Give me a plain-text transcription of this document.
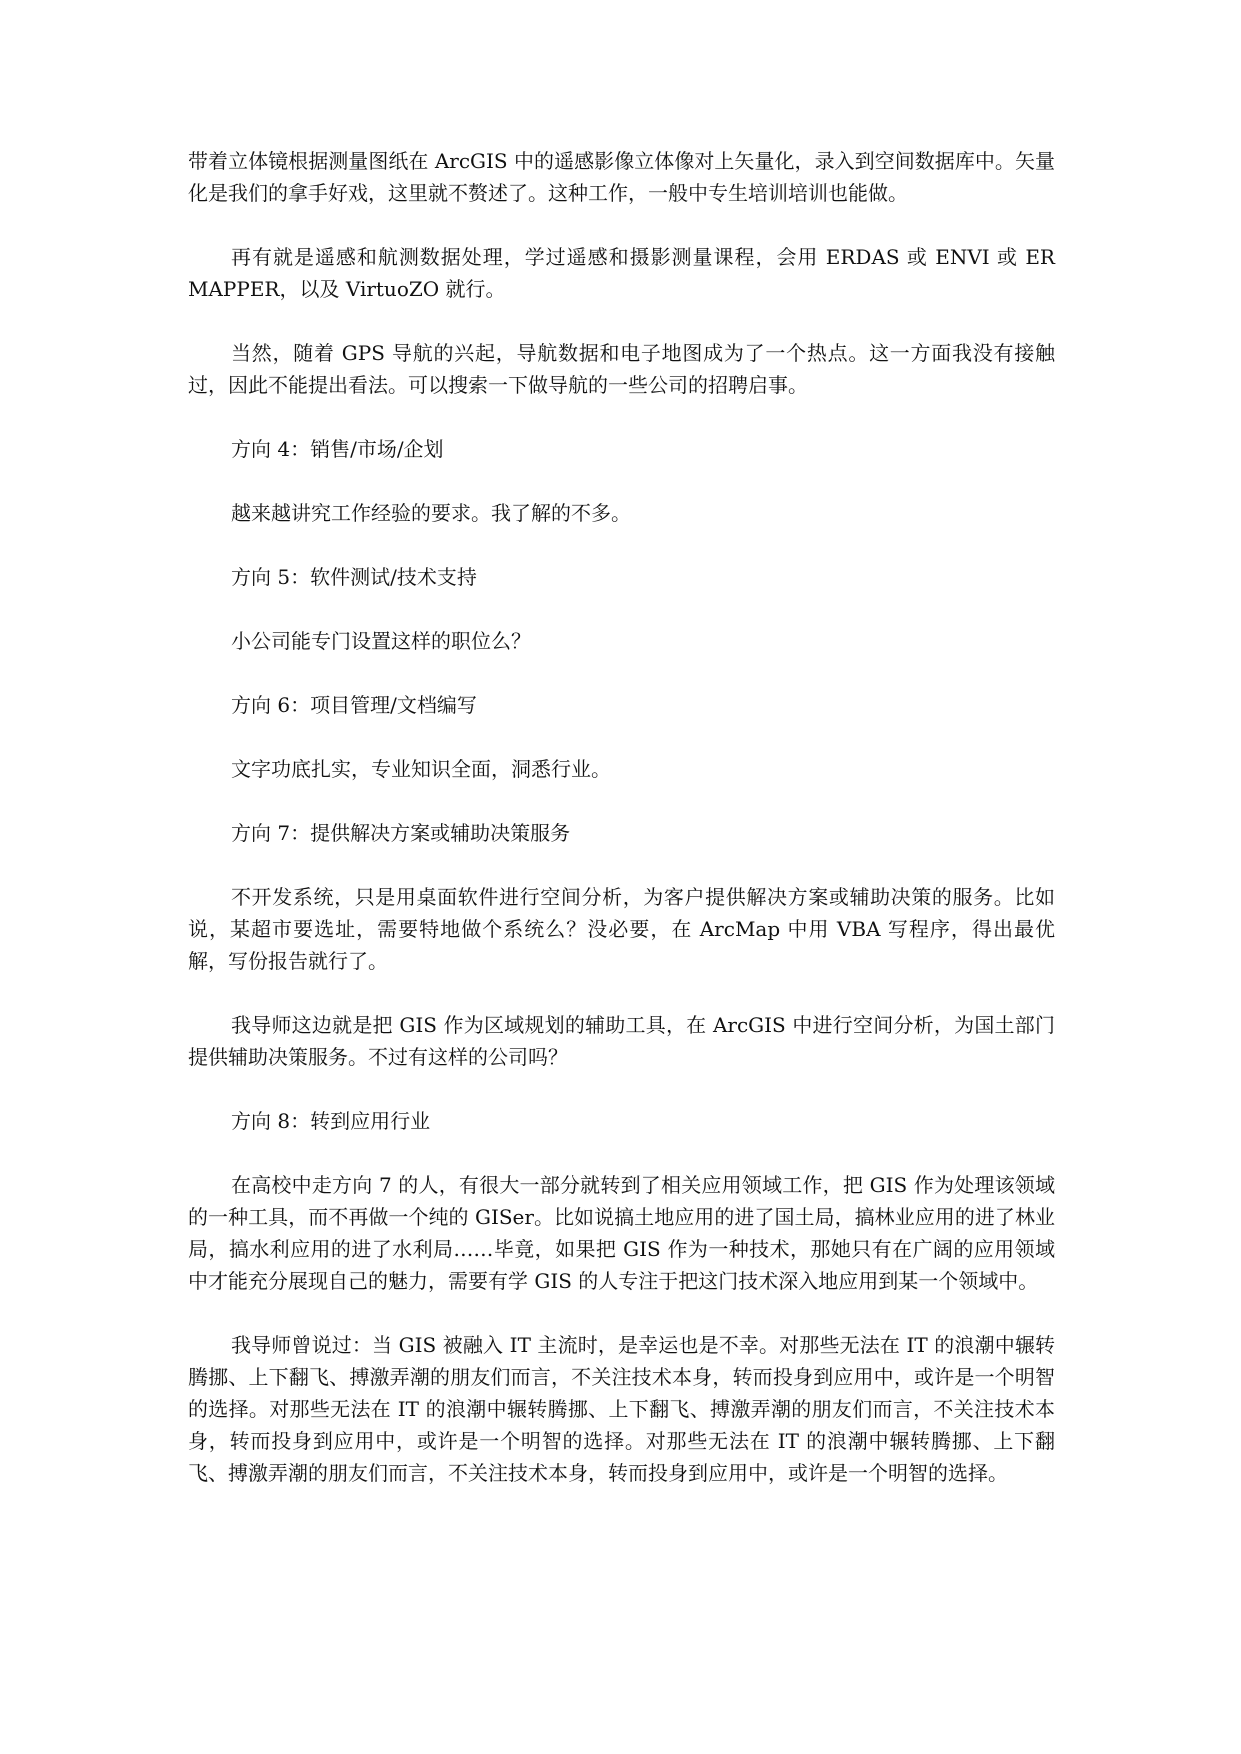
带着立体镜根据测量图纸在 ArcGIS 中的遥感影像立体像对上矢量化，录入到空间数据库中。矢量化是我们的拿手好戏，这里就不赘述了。这种工作，一般中专生培训培训也能做。

再有就是遥感和航测数据处理，学过遥感和摄影测量课程，会用 ERDAS 或 ENVI 或 ER MAPPER，以及 VirtuoZO 就行。

当然，随着 GPS 导航的兴起，导航数据和电子地图成为了一个热点。这一方面我没有接触过，因此不能提出看法。可以搜索一下做导航的一些公司的招聘启事。

方向 4：销售/市场/企划

越来越讲究工作经验的要求。我了解的不多。

方向 5：软件测试/技术支持

小公司能专门设置这样的职位么？

方向 6：项目管理/文档编写

文字功底扎实，专业知识全面，洞悉行业。

方向 7：提供解决方案或辅助决策服务

不开发系统，只是用桌面软件进行空间分析，为客户提供解决方案或辅助决策的服务。比如说，某超市要选址，需要特地做个系统么？没必要，在 ArcMap 中用 VBA 写程序，得出最优解，写份报告就行了。

我导师这边就是把 GIS 作为区域规划的辅助工具，在 ArcGIS 中进行空间分析，为国土部门提供辅助决策服务。不过有这样的公司吗？

方向 8：转到应用行业

在高校中走方向 7 的人，有很大一部分就转到了相关应用领域工作，把 GIS 作为处理该领域的一种工具，而不再做一个纯的 GISer。比如说搞土地应用的进了国土局，搞林业应用的进了林业局，搞水利应用的进了水利局……毕竟，如果把 GIS 作为一种技术，那她只有在广阔的应用领域中才能充分展现自己的魅力，需要有学 GIS 的人专注于把这门技术深入地应用到某一个领域中。

我导师曾说过：当 GIS 被融入 IT 主流时，是幸运也是不幸。对那些无法在 IT 的浪潮中辗转腾挪、上下翻飞、搏激弄潮的朋友们而言，不关注技术本身，转而投身到应用中，或许是一个明智的选择。对那些无法在 IT 的浪潮中辗转腾挪、上下翻飞、搏激弄潮的朋友们而言，不关注技术本身，转而投身到应用中，或许是一个明智的选择。对那些无法在 IT 的浪潮中辗转腾挪、上下翻飞、搏激弄潮的朋友们而言，不关注技术本身，转而投身到应用中，或许是一个明智的选择。
